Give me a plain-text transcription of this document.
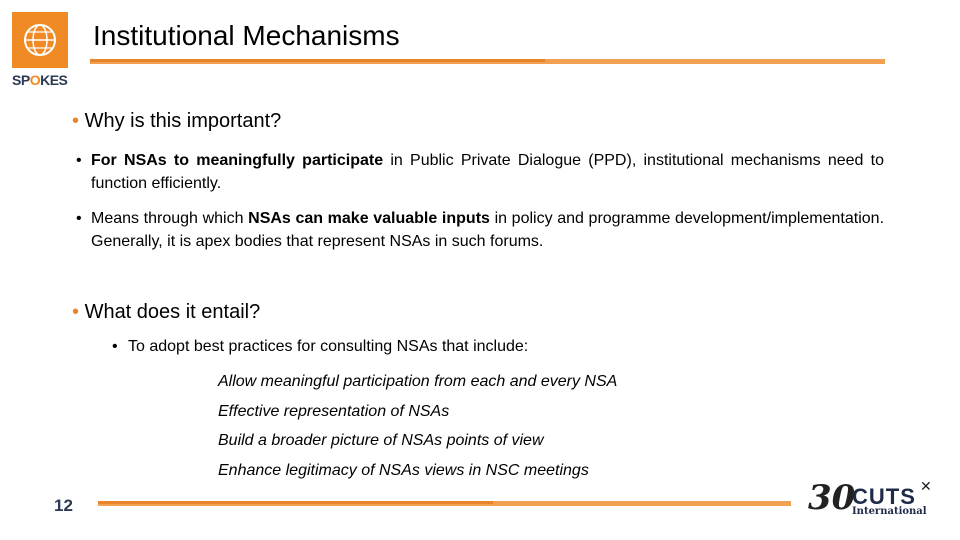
SPOKES
Institutional Mechanisms

• Why is this important?

• For NSAs to meaningfully participate in Public Private Dialogue (PPD), institutional mechanisms need to function efficiently.

• Means through which NSAs can make valuable inputs in policy and programme development/implementation. Generally, it is apex bodies that represent NSAs in such forums.

• What does it entail?

• To adopt best practices for consulting NSAs that include:

Allow meaningful participation from each and every NSA
Effective representation of NSAs
Build a broader picture of NSAs points of view
Enhance legitimacy of NSAs views in NSC meetings
12	30
CUTS
International
✕
